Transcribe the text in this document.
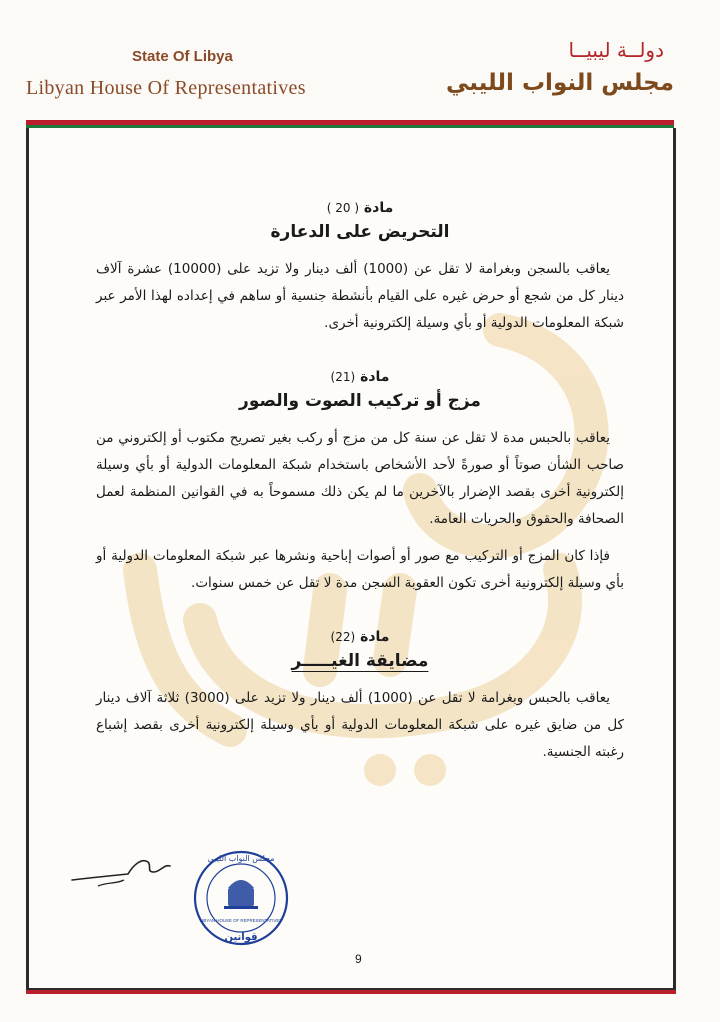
State Of Libya
Libyan House Of Representatives
دولــة ليبيــا
مجلس النواب الليبي

مادة ( 20 )

التحريض على الدعارة

يعاقب بالسجن وبغرامة لا تقل عن (1000) ألف دينار ولا تزيد على (10000) عشرة آلاف دينار كل من شجع أو حرض غيره على القيام بأنشطة جنسية أو ساهم في إعداده لهذا الأمر عبر شبكة المعلومات الدولية أو بأي وسيلة إلكترونية أخرى.

مادة (21)

مزج أو تركيب الصوت والصور

يعاقب بالحبس مدة لا تقل عن سنة كل من مزج أو ركب بغير تصريح مكتوب أو إلكتروني من صاحب الشأن صوتاً أو صورةً لأحد الأشخاص باستخدام شبكة المعلومات الدولية أو بأي وسيلة إلكترونية أخرى بقصد الإضرار بالآخرين ما لم يكن ذلك مسموحاً به في القوانين المنظمة لعمل الصحافة والحقوق والحريات العامة.

فإذا كان المزج أو التركيب مع صور أو أصوات إباحية ونشرها عبر شبكة المعلومات الدولية أو بأي وسيلة إلكترونية أخرى تكون العقوبة السجن مدة لا تقل عن خمس سنوات.

مادة (22)

مضايقة الغيـــــر

يعاقب بالحبس وبغرامة لا تقل عن (1000) ألف دينار ولا تزيد على (3000) ثلاثة آلاف دينار كل من ضايق غيره على شبكة المعلومات الدولية أو بأي وسيلة إلكترونية أخرى بقصد إشباع رغبته الجنسية.

مجلس النواب الليبي
LIBYAN HOUSE OF REPRESENTATIVES
قوانين
9
